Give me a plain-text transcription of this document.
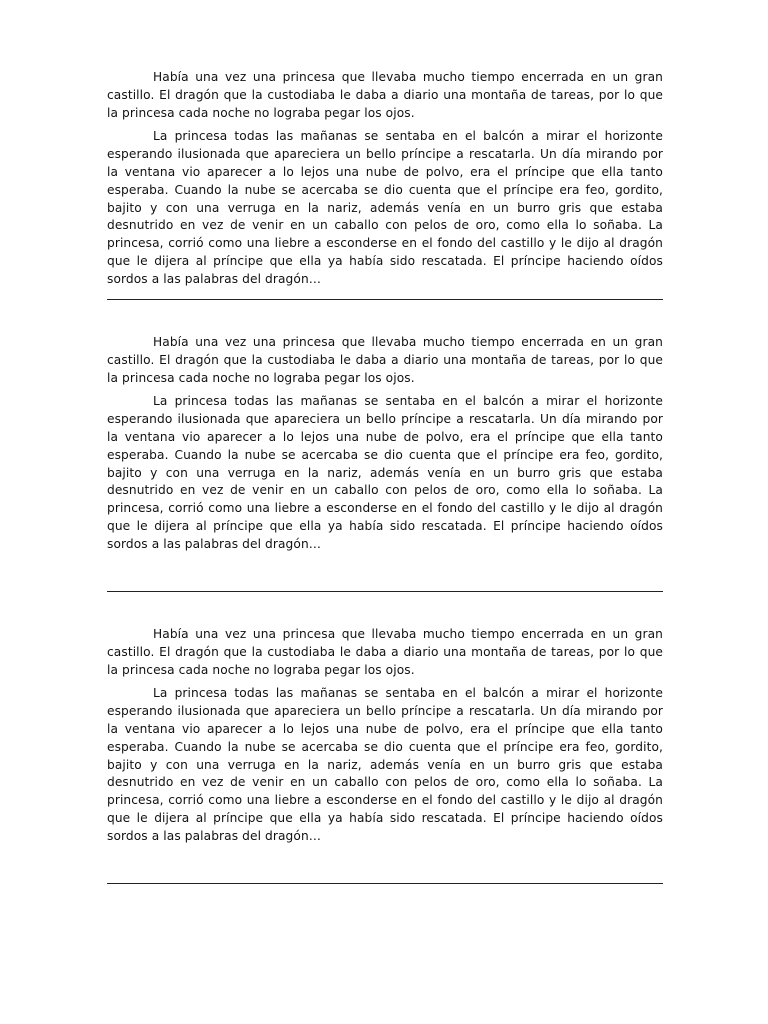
Había una vez una princesa que llevaba mucho tiempo encerrada en un gran castillo. El dragón que la custodiaba le daba a diario una montaña de tareas, por lo que la princesa cada noche no lograba pegar los ojos.

La princesa todas las mañanas se sentaba en el balcón a mirar el horizonte esperando ilusionada que apareciera un bello príncipe a rescatarla. Un día mirando por la ventana vio aparecer a lo lejos una nube de polvo, era el príncipe que ella tanto esperaba. Cuando la nube se acercaba se dio cuenta que el príncipe era feo, gordito, bajito y con una verruga en la nariz, además venía en un burro gris que estaba desnutrido en vez de venir en un caballo con pelos de oro, como ella lo soñaba. La princesa, corrió como una liebre a esconderse en el fondo del castillo y le dijo al dragón que le dijera al príncipe que ella ya había sido rescatada. El príncipe haciendo oídos sordos a las palabras del dragón…

Había una vez una princesa que llevaba mucho tiempo encerrada en un gran castillo. El dragón que la custodiaba le daba a diario una montaña de tareas, por lo que la princesa cada noche no lograba pegar los ojos.

La princesa todas las mañanas se sentaba en el balcón a mirar el horizonte esperando ilusionada que apareciera un bello príncipe a rescatarla. Un día mirando por la ventana vio aparecer a lo lejos una nube de polvo, era el príncipe que ella tanto esperaba. Cuando la nube se acercaba se dio cuenta que el príncipe era feo, gordito, bajito y con una verruga en la nariz, además venía en un burro gris que estaba desnutrido en vez de venir en un caballo con pelos de oro, como ella lo soñaba. La princesa, corrió como una liebre a esconderse en el fondo del castillo y le dijo al dragón que le dijera al príncipe que ella ya había sido rescatada. El príncipe haciendo oídos sordos a las palabras del dragón…

Había una vez una princesa que llevaba mucho tiempo encerrada en un gran castillo. El dragón que la custodiaba le daba a diario una montaña de tareas, por lo que la princesa cada noche no lograba pegar los ojos.

La princesa todas las mañanas se sentaba en el balcón a mirar el horizonte esperando ilusionada que apareciera un bello príncipe a rescatarla. Un día mirando por la ventana vio aparecer a lo lejos una nube de polvo, era el príncipe que ella tanto esperaba. Cuando la nube se acercaba se dio cuenta que el príncipe era feo, gordito, bajito y con una verruga en la nariz, además venía en un burro gris que estaba desnutrido en vez de venir en un caballo con pelos de oro, como ella lo soñaba. La princesa, corrió como una liebre a esconderse en el fondo del castillo y le dijo al dragón que le dijera al príncipe que ella ya había sido rescatada. El príncipe haciendo oídos sordos a las palabras del dragón…
